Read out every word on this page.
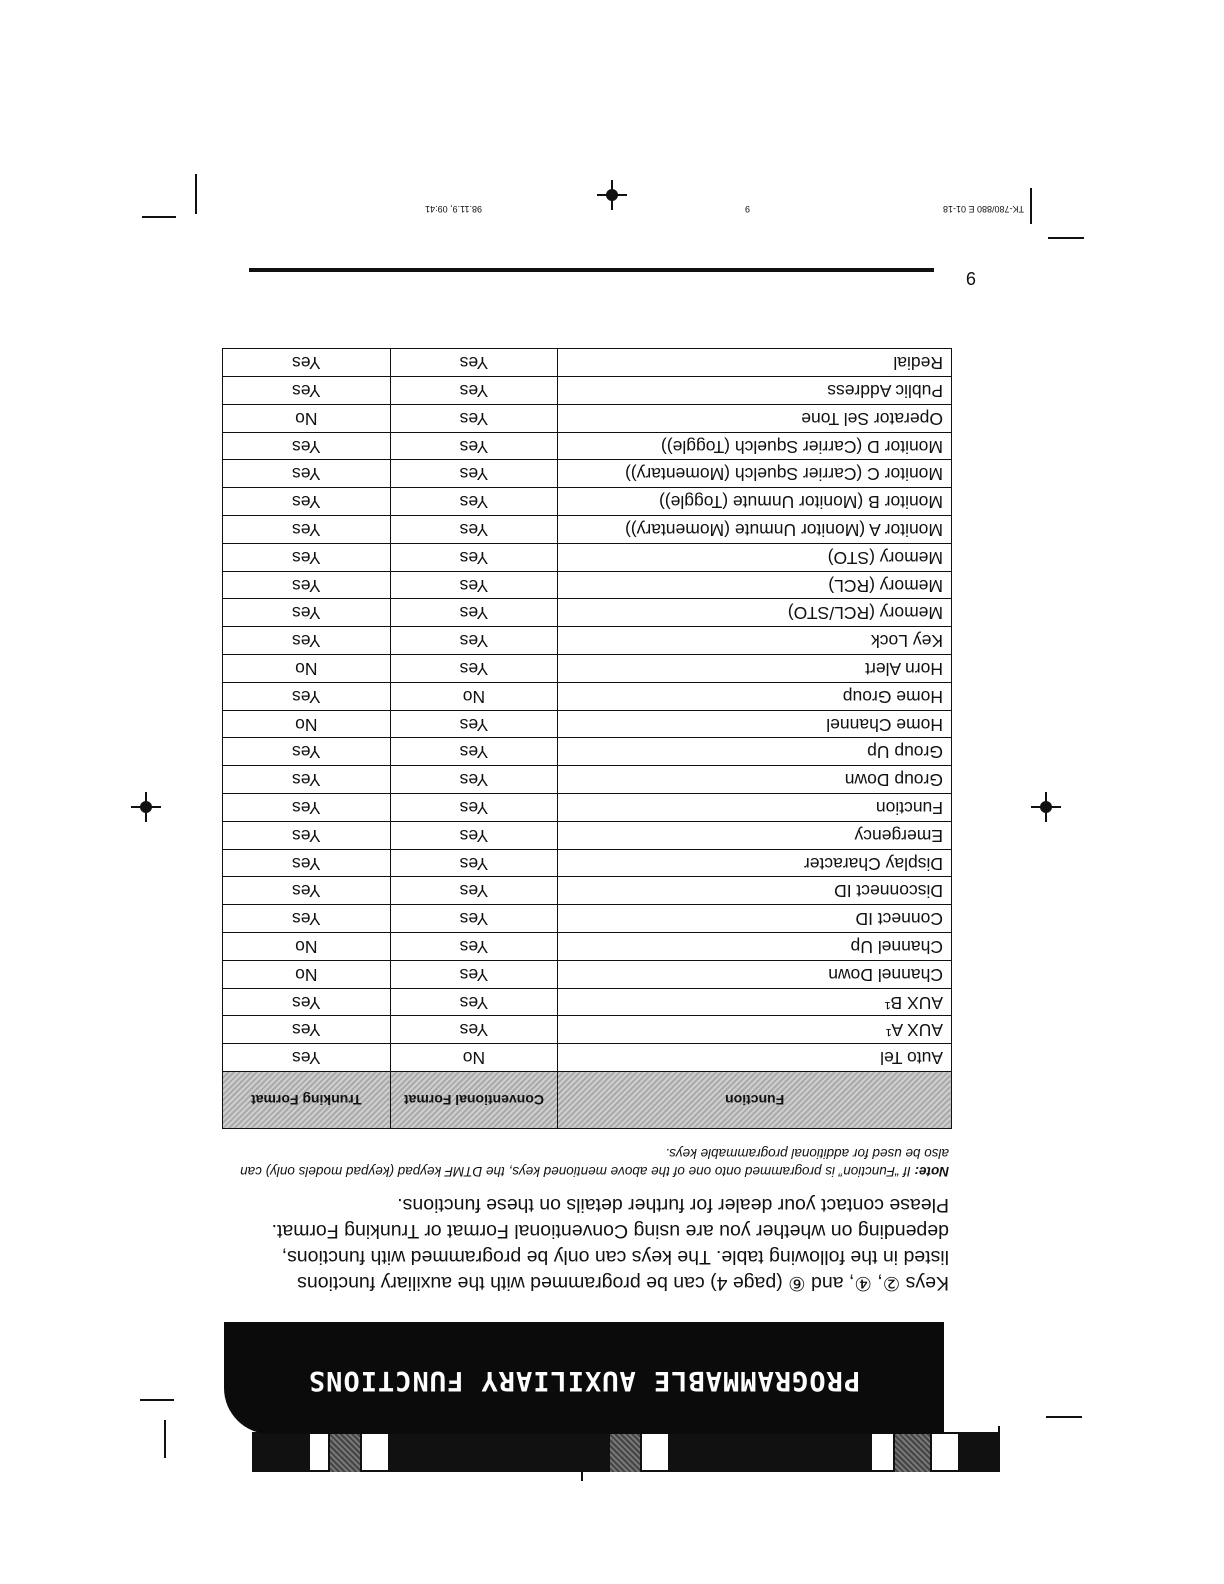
PROGRAMMABLE AUXILIARY FUNCTIONS
Keys ②, ④, and ⑥ (page 4) can be programmed with the auxiliary functions listed in the following table. The keys can only be programmed with functions, depending on whether you are using Conventional Format or Trunking Format. Please contact your dealer for further details on these functions.
Note: If “Function” is programmed onto one of the above mentioned keys, the DTMF keypad (keypad models only) can also be used for additional programmable keys.
Function	Conventional Format	Trunking Format
Auto Tel	No	Yes
AUX A¹	Yes	Yes
AUX B¹	Yes	Yes
Channel Down	Yes	No
Channel Up	Yes	No
Connect ID	Yes	Yes
Disconnect ID	Yes	Yes
Display Character	Yes	Yes
Emergency	Yes	Yes
Function	Yes	Yes
Group Down	Yes	Yes
Group Up	Yes	Yes
Home Channel	Yes	No
Home Group	No	Yes
Horn Alert	Yes	No
Key Lock	Yes	Yes
Memory (RCL/STO)	Yes	Yes
Memory (RCL)	Yes	Yes
Memory (STO)	Yes	Yes
Monitor A (Monitor Unmute (Momentary))	Yes	Yes
Monitor B (Monitor Unmute (Toggle))	Yes	Yes
Monitor C (Carrier Squelch (Momentary))	Yes	Yes
Monitor D (Carrier Squelch (Toggle))	Yes	Yes
Operator Sel Tone	Yes	No
Public Address	Yes	Yes
Redial	Yes	Yes
9
TK-780/880 E 01-18
9
98.11.9, 09:41
